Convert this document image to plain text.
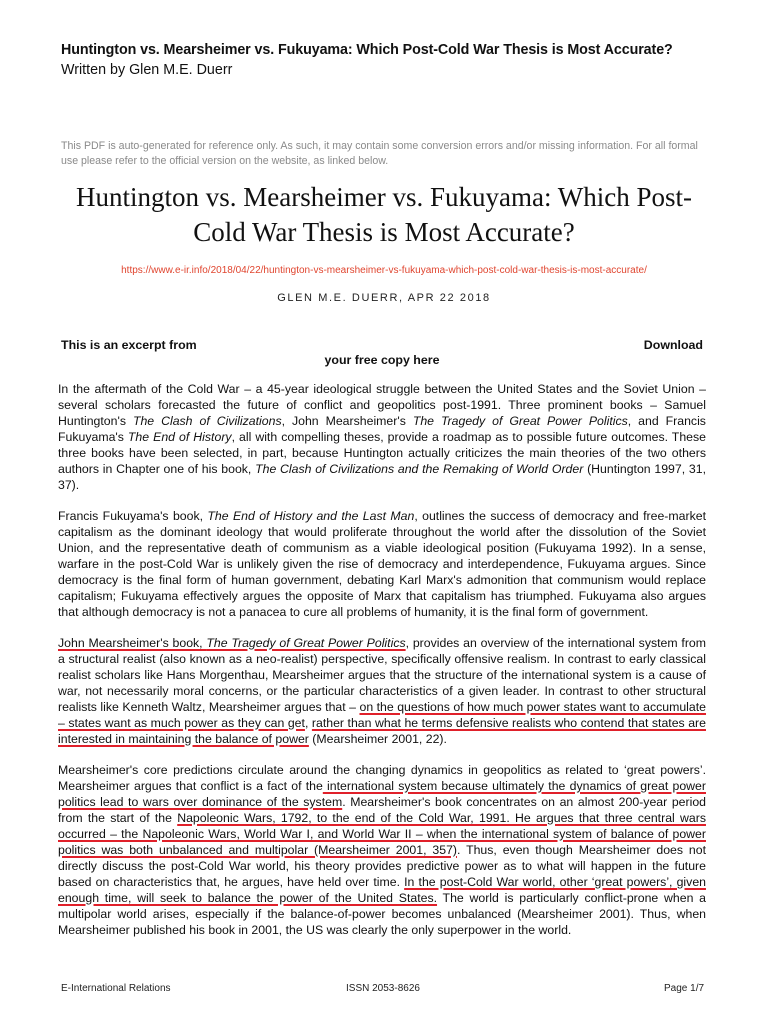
Huntington vs. Mearsheimer vs. Fukuyama: Which Post-Cold War Thesis is Most Accurate?
Written by Glen M.E. Duerr
This PDF is auto-generated for reference only. As such, it may contain some conversion errors and/or missing information. For all formal use please refer to the official version on the website, as linked below.
Huntington vs. Mearsheimer vs. Fukuyama: Which Post-
Cold War Thesis is Most Accurate?
https://www.e-ir.info/2018/04/22/huntington-vs-mearsheimer-vs-fukuyama-which-post-cold-war-thesis-is-most-accurate/
GLEN M.E. DUERR, APR 22 2018
This is an excerpt from	Download
your free copy here

In the aftermath of the Cold War – a 45-year ideological struggle between the United States and the Soviet Union – several scholars forecasted the future of conflict and geopolitics post-1991. Three prominent books – Samuel Huntington's The Clash of Civilizations, John Mearsheimer's The Tragedy of Great Power Politics, and Francis Fukuyama's The End of History, all with compelling theses, provide a roadmap as to possible future outcomes. These three books have been selected, in part, because Huntington actually criticizes the main theories of the two others authors in Chapter one of his book, The Clash of Civilizations and the Remaking of World Order (Huntington 1997, 31, 37).

Francis Fukuyama's book, The End of History and the Last Man, outlines the success of democracy and free-market capitalism as the dominant ideology that would proliferate throughout the world after the dissolution of the Soviet Union, and the representative death of communism as a viable ideological position (Fukuyama 1992). In a sense, warfare in the post-Cold War is unlikely given the rise of democracy and interdependence, Fukuyama argues. Since democracy is the final form of human government, debating Karl Marx's admonition that communism would replace capitalism; Fukuyama effectively argues the opposite of Marx that capitalism has triumphed. Fukuyama also argues that although democracy is not a panacea to cure all problems of humanity, it is the final form of government.

John Mearsheimer's book, The Tragedy of Great Power Politics, provides an overview of the international system from a structural realist (also known as a neo-realist) perspective, specifically offensive realism. In contrast to early classical realist scholars like Hans Morgenthau, Mearsheimer argues that the structure of the international system is a cause of war, not necessarily moral concerns, or the particular characteristics of a given leader. In contrast to other structural realists like Kenneth Waltz, Mearsheimer argues that – on the questions of how much power states want to accumulate – states want as much power as they can get, rather than what he terms defensive realists who contend that states are interested in maintaining the balance of power (Mearsheimer 2001, 22).

Mearsheimer's core predictions circulate around the changing dynamics in geopolitics as related to ‘great powers’. Mearsheimer argues that conflict is a fact of the international system because ultimately the dynamics of great power politics lead to wars over dominance of the system. Mearsheimer's book concentrates on an almost 200-year period from the start of the Napoleonic Wars, 1792, to the end of the Cold War, 1991. He argues that three central wars occurred – the Napoleonic Wars, World War I, and World War II – when the international system of balance of power politics was both unbalanced and multipolar (Mearsheimer 2001, 357). Thus, even though Mearsheimer does not directly discuss the post-Cold War world, his theory provides predictive power as to what will happen in the future based on characteristics that, he argues, have held over time. In the post-Cold War world, other ‘great powers’, given enough time, will seek to balance the power of the United States. The world is particularly conflict-prone when a multipolar world arises, especially if the balance-of-power becomes unbalanced (Mearsheimer 2001). Thus, when Mearsheimer published his book in 2001, the US was clearly the only superpower in the world.

E-International Relations	ISSN 2053-8626	Page 1/7
